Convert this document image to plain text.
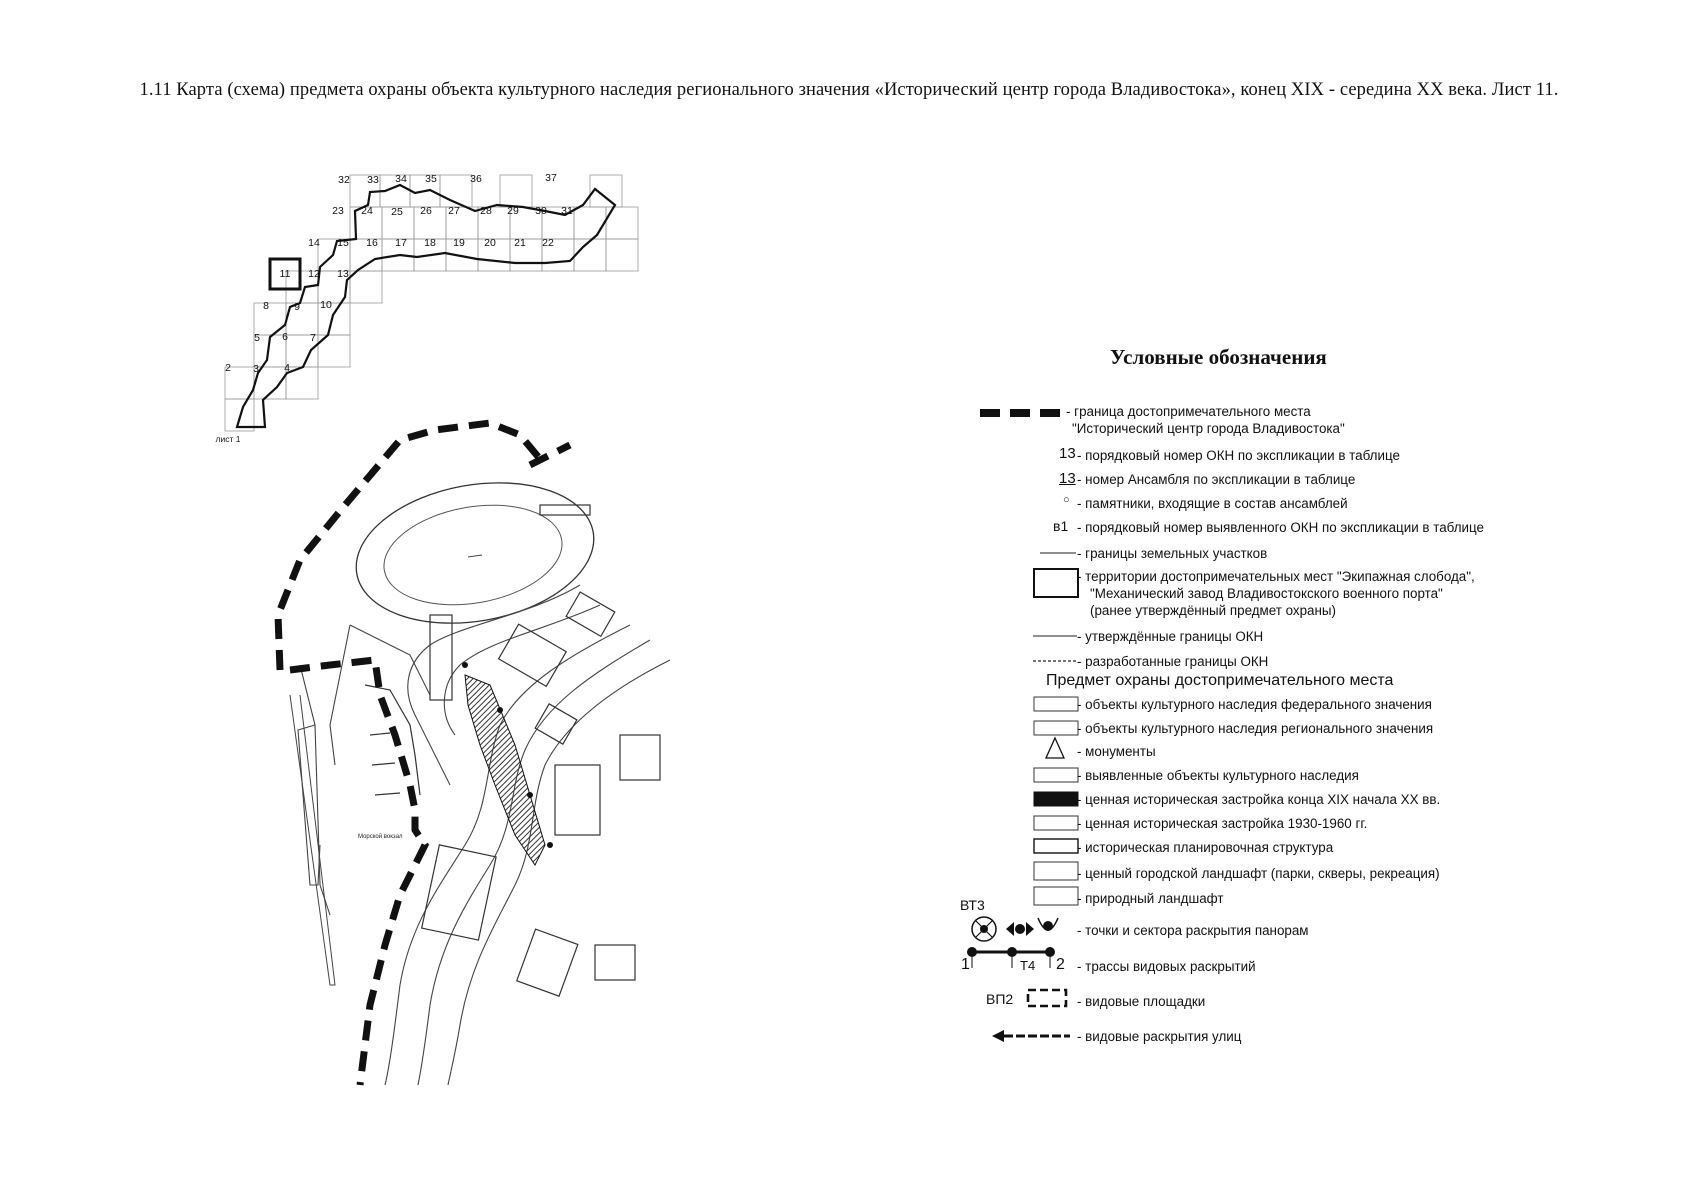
1.11 Карта (схема) предмета охраны объекта культурного наследия регионального значения «Исторический центр города Владивостока», конец XIX - середина XX века. Лист 11.
2 3 4
5 6 7
8 9 10
11 12 13
14 15 16 17 18 19 20 21 22
23 24 25 26 27 28 29 30 31
32 33 34 35	36	37
лист 1
Морской вокзал
Условные обозначения
- граница достопримечательного места
"Исторический центр города Владивостока"
13 - порядковый номер ОКН по экспликации в таблице
13 - номер Ансамбля по экспликации в таблице
○ - памятники, входящие в состав ансамблей
в1 - порядковый номер выявленного ОКН по экспликации в таблице
- границы земельных участков
- территории достопримечательных мест "Экипажная слобода",
"Механический завод Владивостокского военного порта"
(ранее утверждённый предмет охраны)
- утверждённые границы ОКН
- разработанные границы ОКН
Предмет охраны достопримечательного места
- объекты культурного наследия федерального значения
- объекты культурного наследия регионального значения
- монументы
- выявленные объекты культурного наследия
- ценная историческая застройка конца XIX начала XX вв.
- ценная историческая застройка 1930-1960 гг.
- историческая планировочная структура
- ценный городской ландшафт (парки, скверы, рекреация)
- природный ландшафт
ВТ3
- точки и сектора раскрытия панорам
1	Т4 2 - трассы видовых раскрытий
ВП2	- видовые площадки
- видовые раскрытия улиц
